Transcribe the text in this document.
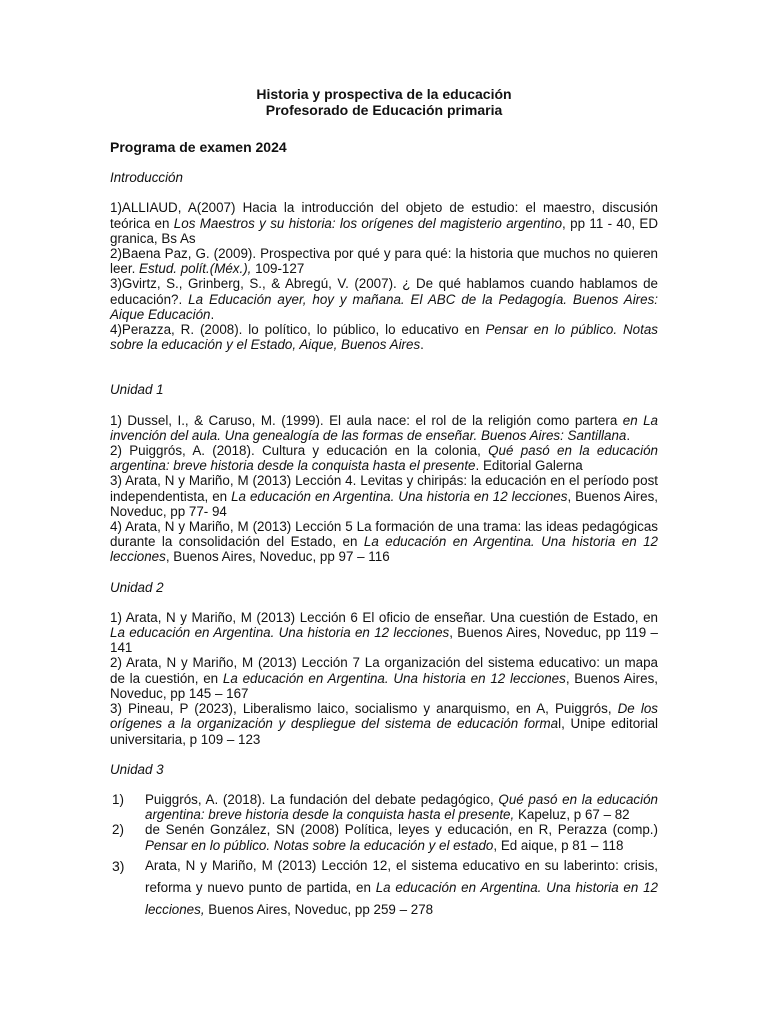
Historia y prospectiva de la educación

Profesorado de Educación primaria

Programa de examen 2024

Introducción

1)ALLIAUD, A(2007) Hacia la introducción del objeto de estudio: el maestro, discusión teórica en Los Maestros y su historia: los orígenes del magisterio argentino, pp 11 - 40, ED granica, Bs As

2)Baena Paz, G. (2009). Prospectiva por qué y para qué: la historia que muchos no quieren leer. Estud. polít.(Méx.), 109-127

3)Gvirtz, S., Grinberg, S., & Abregú, V. (2007). ¿ De qué hablamos cuando hablamos de educación?. La Educación ayer, hoy y mañana. El ABC de la Pedagogía. Buenos Aires: Aique Educación.

4)Perazza, R. (2008). lo político, lo público, lo educativo en Pensar en lo público. Notas sobre la educación y el Estado, Aique, Buenos Aires.

Unidad 1

1) Dussel, I., & Caruso, M. (1999). El aula nace: el rol de la religión como partera en La invención del aula. Una genealogía de las formas de enseñar. Buenos Aires: Santillana.

2) Puiggrós, A. (2018). Cultura y educación en la colonia, Qué pasó en la educación argentina: breve historia desde la conquista hasta el presente. Editorial Galerna

3) Arata, N y Mariño, M (2013) Lección 4. Levitas y chiripás: la educación en el período post independentista, en La educación en Argentina. Una historia en 12 lecciones, Buenos Aires, Noveduc, pp 77- 94

4) Arata, N y Mariño, M (2013) Lección 5 La formación de una trama: las ideas pedagógicas durante la consolidación del Estado, en La educación en Argentina. Una historia en 12 lecciones, Buenos Aires, Noveduc, pp 97 – 116

Unidad 2

1) Arata, N y Mariño, M (2013) Lección 6 El oficio de enseñar. Una cuestión de Estado, en La educación en Argentina. Una historia en 12 lecciones, Buenos Aires, Noveduc, pp 119 – 141

2) Arata, N y Mariño, M (2013) Lección 7 La organización del sistema educativo: un mapa de la cuestión, en La educación en Argentina. Una historia en 12 lecciones, Buenos Aires, Noveduc, pp 145 – 167

3) Pineau, P (2023), Liberalismo laico, socialismo y anarquismo, en A, Puiggrós, De los orígenes a la organización y despliegue del sistema de educación formal, Unipe editorial universitaria, p 109 – 123

Unidad 3

1)	Puiggrós, A. (2018). La fundación del debate pedagógico, Qué pasó en la educación argentina: breve historia desde la conquista hasta el presente, Kapeluz, p 67 – 82
2)	de Senén González, SN (2008) Política, leyes y educación, en R, Perazza (comp.) Pensar en lo público. Notas sobre la educación y el estado, Ed aique, p 81 – 118
3)	Arata, N y Mariño, M (2013) Lección 12, el sistema educativo en su laberinto: crisis, reforma y nuevo punto de partida, en La educación en Argentina. Una historia en 12 lecciones, Buenos Aires, Noveduc, pp 259 – 278
